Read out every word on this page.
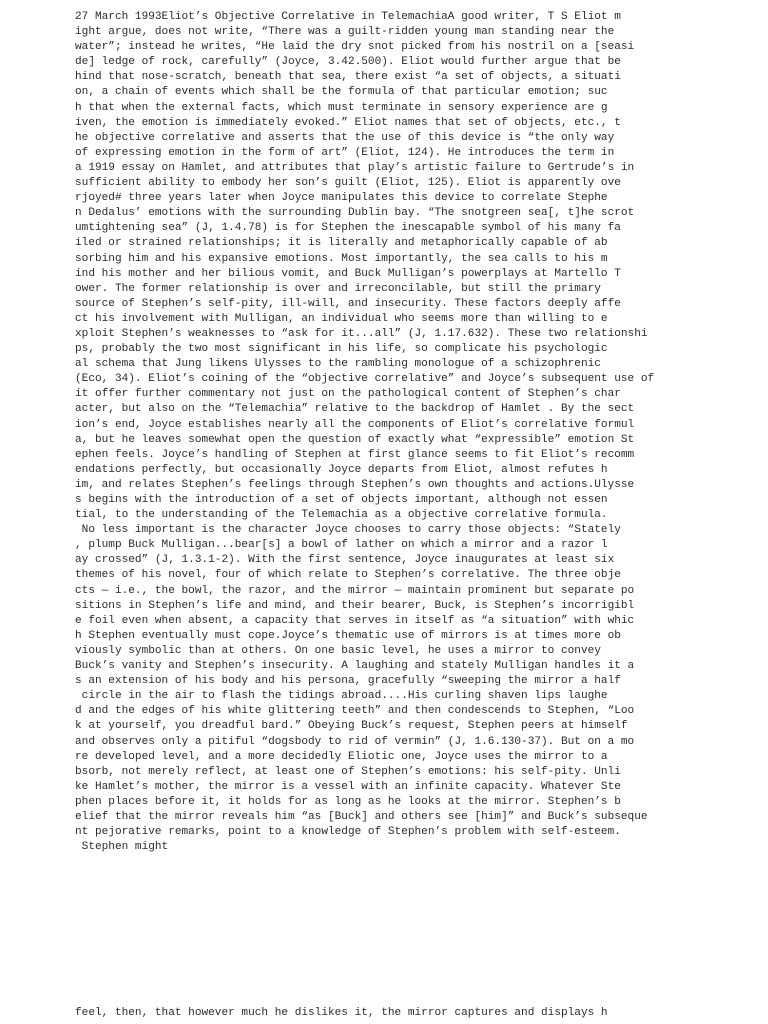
27 March 1993Eliot’s Objective Correlative in TelemachiaA good writer, T S Eliot m
ight argue, does not write, “There was a guilt-ridden young man standing near the
water”; instead he writes, “He laid the dry snot picked from his nostril on a [seasi
de] ledge of rock, carefully” (Joyce, 3.42.500). Eliot would further argue that be
hind that nose-scratch, beneath that sea, there exist “a set of objects, a situati
on, a chain of events which shall be the formula of that particular emotion; suc
h that when the external facts, which must terminate in sensory experience are g
iven, the emotion is immediately evoked.” Eliot names that set of objects, etc., t
he objective correlative and asserts that the use of this device is “the only way
of expressing emotion in the form of art” (Eliot, 124). He introduces the term in
a 1919 essay on Hamlet, and attributes that play’s artistic failure to Gertrude’s in
sufficient ability to embody her son’s guilt (Eliot, 125). Eliot is apparently ove
rjoyed# three years later when Joyce manipulates this device to correlate Stephe
n Dedalus’ emotions with the surrounding Dublin bay. “The snotgreen sea[, t]he scrot
umtightening sea” (J, 1.4.78) is for Stephen the inescapable symbol of his many fa
iled or strained relationships; it is literally and metaphorically capable of ab
sorbing him and his expansive emotions. Most importantly, the sea calls to his m
ind his mother and her bilious vomit, and Buck Mulligan’s powerplays at Martello T
ower. The former relationship is over and irreconcilable, but still the primary
source of Stephen’s self-pity, ill-will, and insecurity. These factors deeply affe
ct his involvement with Mulligan, an individual who seems more than willing to e
xploit Stephen’s weaknesses to “ask for it...all” (J, 1.17.632). These two relationshi
ps, probably the two most significant in his life, so complicate his psychologic
al schema that Jung likens Ulysses to the rambling monologue of a schizophrenic
(Eco, 34). Eliot’s coining of the “objective correlative” and Joyce’s subsequent use of
it offer further commentary not just on the pathological content of Stephen’s char
acter, but also on the “Telemachia” relative to the backdrop of Hamlet . By the sect
ion’s end, Joyce establishes nearly all the components of Eliot’s correlative formul
a, but he leaves somewhat open the question of exactly what “expressible” emotion St
ephen feels. Joyce’s handling of Stephen at first glance seems to fit Eliot’s recomm
endations perfectly, but occasionally Joyce departs from Eliot, almost refutes h
im, and relates Stephen’s feelings through Stephen’s own thoughts and actions.Ulysse
s begins with the introduction of a set of objects important, although not essen
tial, to the understanding of the Telemachia as a objective correlative formula.
No less important is the character Joyce chooses to carry those objects: “Stately
, plump Buck Mulligan...bear[s] a bowl of lather on which a mirror and a razor l
ay crossed” (J, 1.3.1-2). With the first sentence, Joyce inaugurates at least six
themes of his novel, four of which relate to Stephen’s correlative. The three obje
cts — i.e., the bowl, the razor, and the mirror — maintain prominent but separate po
sitions in Stephen’s life and mind, and their bearer, Buck, is Stephen’s incorrigibl
e foil even when absent, a capacity that serves in itself as “a situation” with whic
h Stephen eventually must cope.Joyce’s thematic use of mirrors is at times more ob
viously symbolic than at others. On one basic level, he uses a mirror to convey
Buck’s vanity and Stephen’s insecurity. A laughing and stately Mulligan handles it a
s an extension of his body and his persona, gracefully “sweeping the mirror a half
circle in the air to flash the tidings abroad....His curling shaven lips laughe
d and the edges of his white glittering teeth” and then condescends to Stephen, “Loo
k at yourself, you dreadful bard.” Obeying Buck’s request, Stephen peers at himself
and observes only a pitiful “dogsbody to rid of vermin” (J, 1.6.130-37). But on a mo
re developed level, and a more decidedly Eliotic one, Joyce uses the mirror to a
bsorb, not merely reflect, at least one of Stephen’s emotions: his self-pity. Unli
ke Hamlet’s mother, the mirror is a vessel with an infinite capacity. Whatever Ste
phen places before it, it holds for as long as he looks at the mirror. Stephen’s b
elief that the mirror reveals him “as [Buck] and others see [him]” and Buck’s subseque
nt pejorative remarks, point to a knowledge of Stephen’s problem with self-esteem.
Stephen might
feel, then, that however much he dislikes it, the mirror captures and displays h
